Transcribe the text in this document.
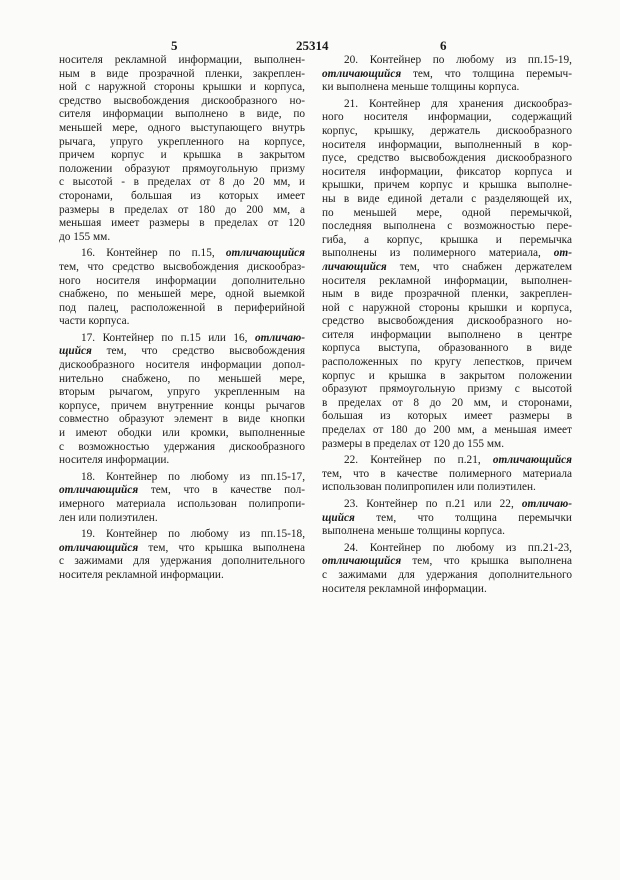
5	25314	6
носителя рекламной информации, выполнен-
ным в виде прозрачной пленки, закреплен-
ной с наружной стороны крышки и корпуса,
средство высвобождения дискообразного но-
сителя информации выполнено в виде, по
меньшей мере, одного выступающего внутрь
рычага, упруго укрепленного на корпусе,
причем корпус и крышка в закрытом
положении образуют прямоугольную призму
с высотой - в пределах от 8 до 20 мм, и
сторонами, большая из которых имеет
размеры в пределах от 180 до 200 мм, а
меньшая имеет размеры в пределах от 120
до 155 мм.
16. Контейнер по п.15, отличающийся
тем, что средство высвобождения дискообраз-
ного носителя информации дополнительно
снабжено, по меньшей мере, одной выемкой
под палец, расположенной в периферийной
части корпуса.
17. Контейнер по п.15 или 16, отличаю-
щийся тем, что средство высвобождения
дискообразного носителя информации допол-
нительно снабжено, по меньшей мере,
вторым рычагом, упруго укрепленным на
корпусе, причем внутренние концы рычагов
совместно образуют элемент в виде кнопки
и имеют ободки или кромки, выполненные
с возможностью удержания дискообразного
носителя информации.
18. Контейнер по любому из пп.15-17,
отличающийся тем, что в качестве пол-
имерного материала использован полипропи-
лен или полиэтилен.
19. Контейнер по любому из пп.15-18,
отличающийся тем, что крышка выполнена
с зажимами для удержания дополнительного
носителя рекламной информации.
20. Контейнер по любому из пп.15-19,
отличающийся тем, что толщина перемыч-
ки выполнена меньше толщины корпуса.
21. Контейнер для хранения дискообраз-
ного носителя информации, содержащий
корпус, крышку, держатель дискообразного
носителя информации, выполненный в кор-
пусе, средство высвобождения дискообразного
носителя информации, фиксатор корпуса и
крышки, причем корпус и крышка выполне-
ны в виде единой детали с разделяющей их,
по меньшей мере, одной перемычкой,
последняя выполнена с возможностью пере-
гиба, а корпус, крышка и перемычка
выполнены из полимерного материала, от-
личающийся тем, что снабжен держателем
носителя рекламной информации, выполнен-
ным в виде прозрачной пленки, закреплен-
ной с наружной стороны крышки и корпуса,
средство высвобождения дискообразного но-
сителя информации выполнено в центре
корпуса выступа, образованного в виде
расположенных по кругу лепестков, причем
корпус и крышка в закрытом положении
образуют прямоугольную призму с высотой
в пределах от 8 до 20 мм, и сторонами,
большая из которых имеет размеры в
пределах от 180 до 200 мм, а меньшая имеет
размеры в пределах от 120 до 155 мм.
22. Контейнер по п.21, отличающийся
тем, что в качестве полимерного материала
использован полипропилен или полиэтилен.
23. Контейнер по п.21 или 22, отличаю-
щийся тем, что толщина перемычки
выполнена меньше толщины корпуса.
24. Контейнер по любому из пп.21-23,
отличающийся тем, что крышка выполнена
с зажимами для удержания дополнительного
носителя рекламной информации.
